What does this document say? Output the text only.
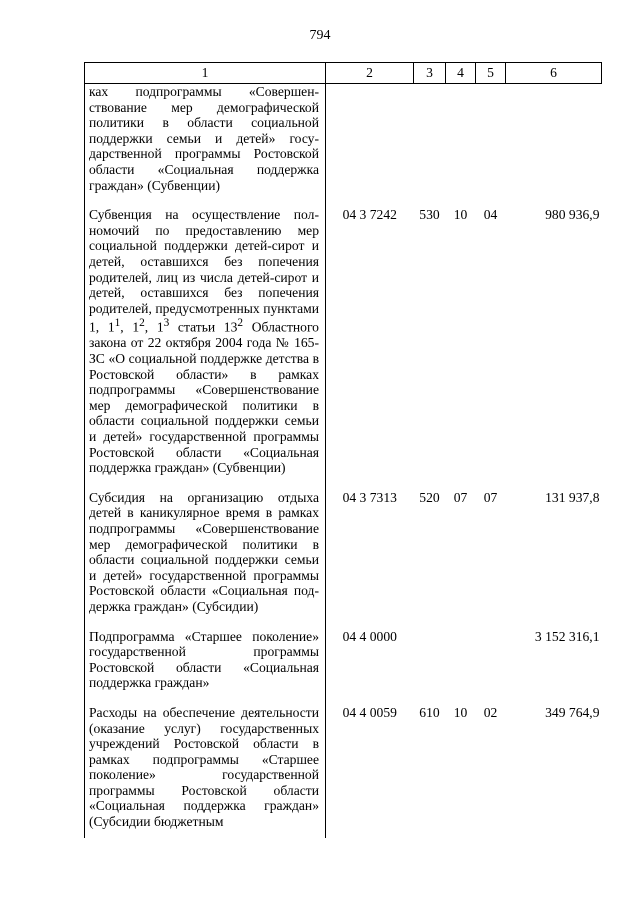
794
1	2	3	4	5	6
ках подпрограммы «Совершенствование мер демографической политики в области социальной поддержки семьи и детей» государственной программы Ростовской области «Социальная поддержка граждан» (Субвенции)					
Субвенция на осуществление полномочий по предоставлению мер социальной поддержки детей-сирот и детей, оставшихся без попечения родителей, лиц из числа детей-сирот и детей, оставшихся без попечения родителей, предусмотренных пунктами 1, $1^1$, $1^2$, $1^3$ статьи $13^2$ Областного закона от 22 октября 2004 года № 165-ЗС «О социальной поддержке детства в Ростовской области» в рамках подпрограммы «Совершенствование мер демографической политики в области социальной поддержки семьи и детей» государственной программы Ростовской области «Социальная поддержка граждан» (Субвенции)	04 3 7242	530	10	04	980 936,9
Субсидия на организацию отдыха детей в каникулярное время в рамках подпрограммы «Совершенствование мер демографической политики в области социальной поддержки семьи и детей» государственной программы Ростовской области «Социальная поддержка граждан» (Субсидии)	04 3 7313	520	07	07	131 937,8
Подпрограмма «Старшее поколение» государственной программы Ростовской области «Социальная поддержка граждан»	04 4 0000				3 152 316,1
Расходы на обеспечение деятельности (оказание услуг) государственных учреждений Ростовской области в рамках подпрограммы «Старшее поколение» государственной программы Ростовской области «Социальная поддержка граждан» (Субсидии бюджетным	04 4 0059	610	10	02	349 764,9
